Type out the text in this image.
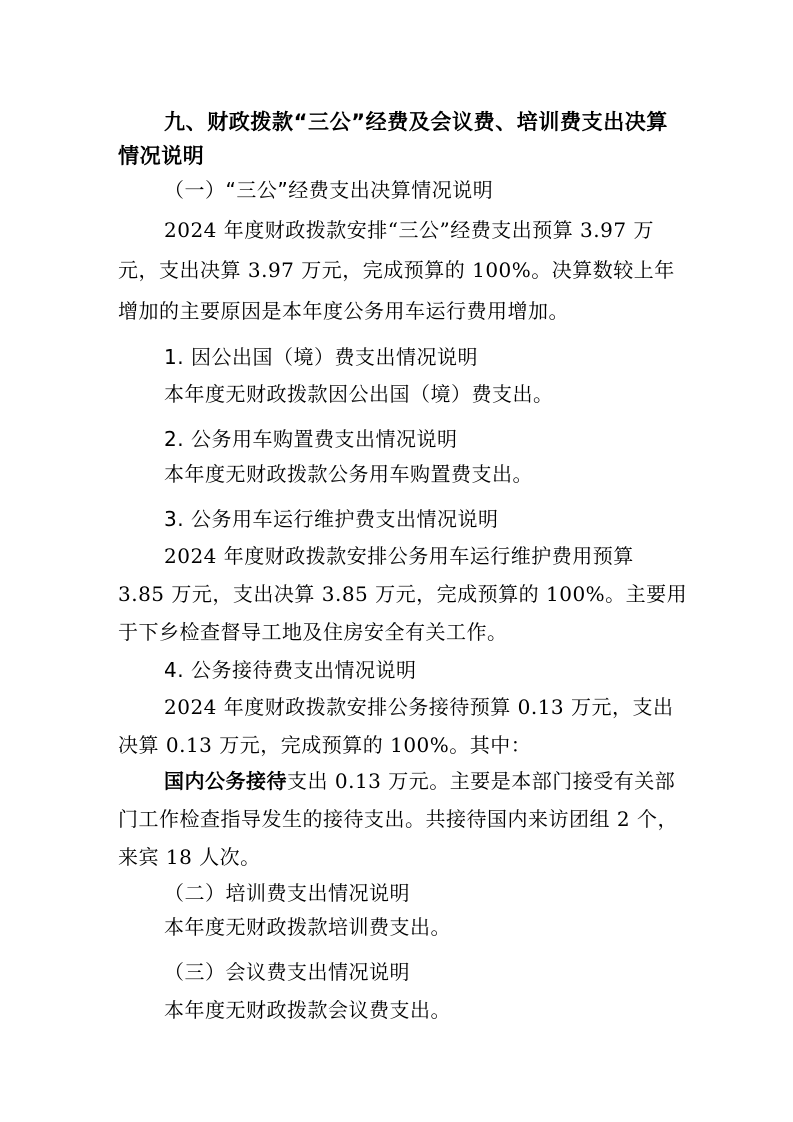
九、财政拨款“三公”经费及会议费、培训费支出决算
情况说明
（一）“三公”经费支出决算情况说明
2024 年度财政拨款安排“三公”经费支出预算 3.97 万
元，支出决算 3.97 万元，完成预算的 100%。决算数较上年
增加的主要原因是本年度公务用车运行费用增加。
1. 因公出国（境）费支出情况说明
本年度无财政拨款因公出国（境）费支出。
2. 公务用车购置费支出情况说明
本年度无财政拨款公务用车购置费支出。
3. 公务用车运行维护费支出情况说明
2024 年度财政拨款安排公务用车运行维护费用预算
3.85 万元，支出决算 3.85 万元，完成预算的 100%。主要用
于下乡检查督导工地及住房安全有关工作。
4. 公务接待费支出情况说明
2024 年度财政拨款安排公务接待预算 0.13 万元，支出
决算 0.13 万元，完成预算的 100%。其中：
国内公务接待支出 0.13 万元。主要是本部门接受有关部
门工作检查指导发生的接待支出。共接待国内来访团组 2 个，
来宾 18 人次。
（二）培训费支出情况说明
本年度无财政拨款培训费支出。
（三）会议费支出情况说明
本年度无财政拨款会议费支出。
